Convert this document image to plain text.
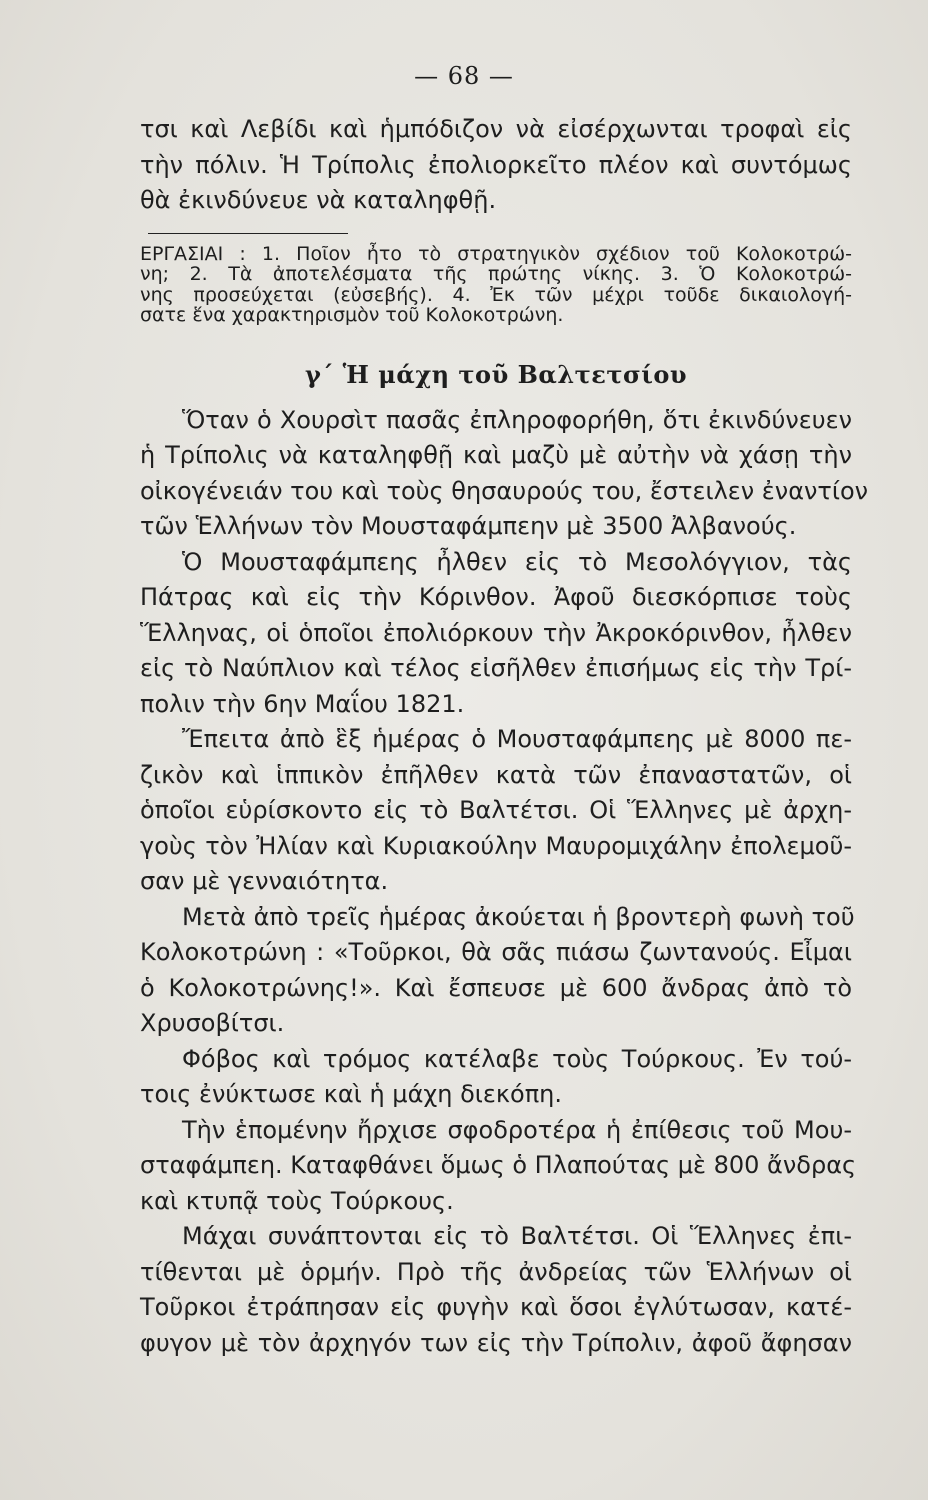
— 68 —
τσι καὶ Λεβίδι καὶ ἡμπόδιζον νὰ εἰσέρχωνται τροφαὶ εἰς
τὴν πόλιν. Ἡ Τρίπολις ἐπολιορκεῖτο πλέον καὶ συντόμως
θὰ ἐκινδύνευε νὰ καταληφθῇ.
ΕΡΓΑΣΙΑΙ : 1. Ποῖον ἦτο τὸ στρατηγικὸν σχέδιον τοῦ Κολοκοτρώ-
νη; 2. Τὰ ἀποτελέσματα τῆς πρώτης νίκης. 3. Ὁ Κολοκοτρώ-
νης προσεύχεται (εὐσεβής). 4. Ἐκ τῶν μέχρι τοῦδε δικαιολογή-
σατε ἕνα χαρακτηρισμὸν τοῦ Κολοκοτρώνη.
γ΄ Ἡ μάχη τοῦ Βαλτετσίου
Ὅταν ὁ Χουρσὶτ πασᾶς ἐπληροφορήθη, ὅτι ἐκινδύνευεν
ἡ Τρίπολις νὰ καταληφθῇ καὶ μαζὺ μὲ αὐτὴν νὰ χάσῃ τὴν
οἰκογένειάν του καὶ τοὺς θησαυρούς του, ἔστειλεν ἐναντίον
τῶν Ἑλλήνων τὸν Μουσταφάμπεην μὲ 3500 Ἀλβανούς.
Ὁ Μουσταφάμπεης ἦλθεν εἰς τὸ Μεσολόγγιον, τὰς
Πάτρας καὶ εἰς τὴν Κόρινθον. Ἀφοῦ διεσκόρπισε τοὺς
Ἕλληνας, οἱ ὁποῖοι ἐπολιόρκουν τὴν Ἀκροκόρινθον, ἦλθεν
εἰς τὸ Ναύπλιον καὶ τέλος εἰσῆλθεν ἐπισήμως εἰς τὴν Τρί-
πολιν τὴν 6ην Μαΐου 1821.
Ἔπειτα ἀπὸ ἓξ ἡμέρας ὁ Μουσταφάμπεης μὲ 8000 πε-
ζικὸν καὶ ἱππικὸν ἐπῆλθεν κατὰ τῶν ἐπαναστατῶν, οἱ
ὁποῖοι εὑρίσκοντο εἰς τὸ Βαλτέτσι. Οἱ Ἕλληνες μὲ ἀρχη-
γοὺς τὸν Ἠλίαν καὶ Κυριακούλην Μαυρομιχάλην ἐπολεμοῦ-
σαν μὲ γενναιότητα.
Μετὰ ἀπὸ τρεῖς ἡμέρας ἀκούεται ἡ βροντερὴ φωνὴ τοῦ
Κολοκοτρώνη : «Τοῦρκοι, θὰ σᾶς πιάσω ζωντανούς. Εἶμαι
ὁ Κολοκοτρώνης!». Καὶ ἔσπευσε μὲ 600 ἄνδρας ἀπὸ τὸ
Χρυσοβίτσι.
Φόβος καὶ τρόμος κατέλαβε τοὺς Τούρκους. Ἐν τού-
τοις ἐνύκτωσε καὶ ἡ μάχη διεκόπη.
Τὴν ἑπομένην ἤρχισε σφοδροτέρα ἡ ἐπίθεσις τοῦ Μου-
σταφάμπεη. Καταφθάνει ὅμως ὁ Πλαπούτας μὲ 800 ἄνδρας
καὶ κτυπᾷ τοὺς Τούρκους.
Μάχαι συνάπτονται εἰς τὸ Βαλτέτσι. Οἱ Ἕλληνες ἐπι-
τίθενται μὲ ὁρμήν. Πρὸ τῆς ἀνδρείας τῶν Ἑλλήνων οἱ
Τοῦρκοι ἐτράπησαν εἰς φυγὴν καὶ ὅσοι ἐγλύτωσαν, κατέ-
φυγον μὲ τὸν ἀρχηγόν των εἰς τὴν Τρίπολιν, ἀφοῦ ἄφησαν
